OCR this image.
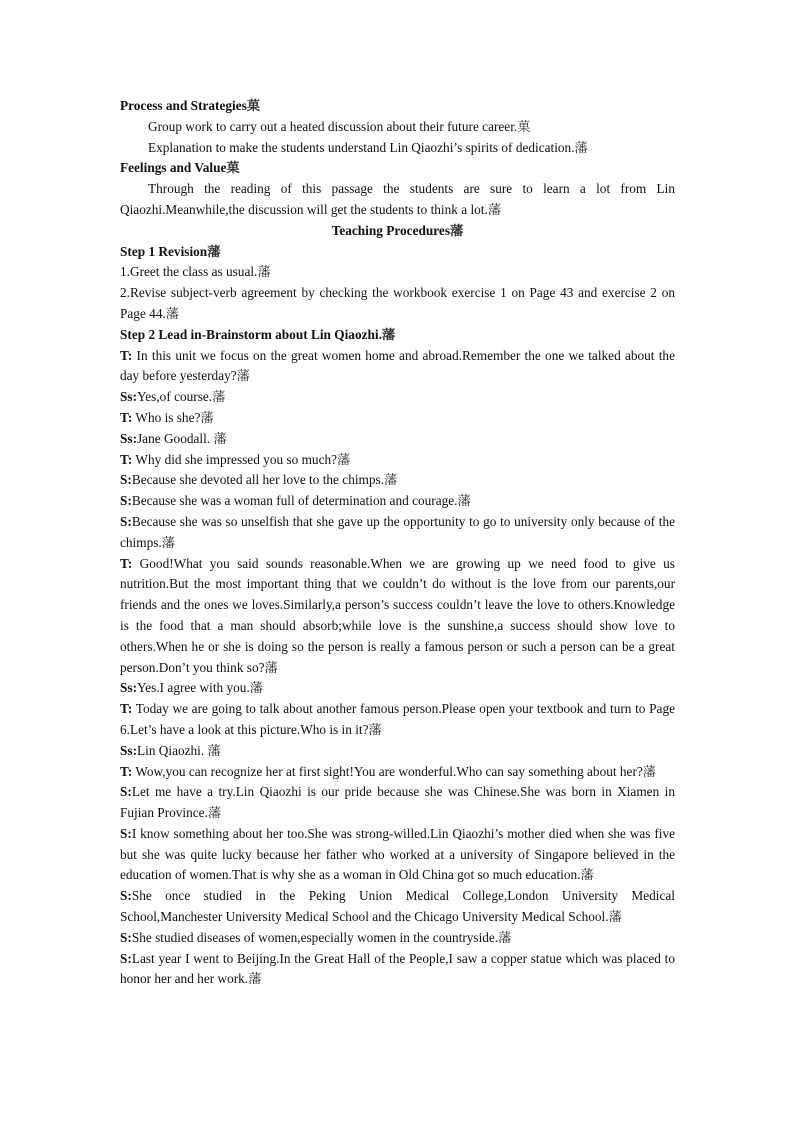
Process and Strategies菓

Group work to carry out a heated discussion about their future career.菓

Explanation to make the students understand Lin Qiaozhi’s spirits of dedication.藩

Feelings and Value菓

Through the reading of this passage the students are sure to learn a lot from Lin Qiaozhi.Meanwhile,the discussion will get the students to think a lot.藩

Teaching Procedures藩

Step 1 Revision藩

1.Greet the class as usual.藩

2.Revise subject-verb agreement by checking the workbook exercise 1 on Page 43 and exercise 2 on Page 44.藩

Step 2 Lead in-Brainstorm about Lin Qiaozhi.藩

T: In this unit we focus on the great women home and abroad.Remember the one we talked about the day before yesterday?藩

Ss:Yes,of course.藩

T: Who is she?藩

Ss:Jane Goodall. 藩

T: Why did she impressed you so much?藩

S:Because she devoted all her love to the chimps.藩

S:Because she was a woman full of determination and courage.藩

S:Because she was so unselfish that she gave up the opportunity to go to university only because of the chimps.藩

T: Good!What you said sounds reasonable.When we are growing up we need food to give us nutrition.But the most important thing that we couldn’t do without is the love from our parents,our friends and the ones we loves.Similarly,a person’s success couldn’t leave the love to others.Knowledge is the food that a man should absorb;while love is the sunshine,a success should show love to others.When he or she is doing so the person is really a famous person or such a person can be a great person.Don’t you think so?藩

Ss:Yes.I agree with you.藩

T: Today we are going to talk about another famous person.Please open your textbook and turn to Page 6.Let’s have a look at this picture.Who is in it?藩

Ss:Lin Qiaozhi. 藩

T: Wow,you can recognize her at first sight!You are wonderful.Who can say something about her?藩

S:Let me have a try.Lin Qiaozhi is our pride because she was Chinese.She was born in Xiamen in Fujian Province.藩

S:I know something about her too.She was strong-willed.Lin Qiaozhi’s mother died when she was five but she was quite lucky because her father who worked at a university of Singapore believed in the education of women.That is why she as a woman in Old China got so much education.藩

S:She once studied in the Peking Union Medical College,London University Medical School,Manchester University Medical School and the Chicago University Medical School.藩

S:She studied diseases of women,especially women in the countryside.藩

S:Last year I went to Beijing.In the Great Hall of the People,I saw a copper statue which was placed to honor her and her work.藩
